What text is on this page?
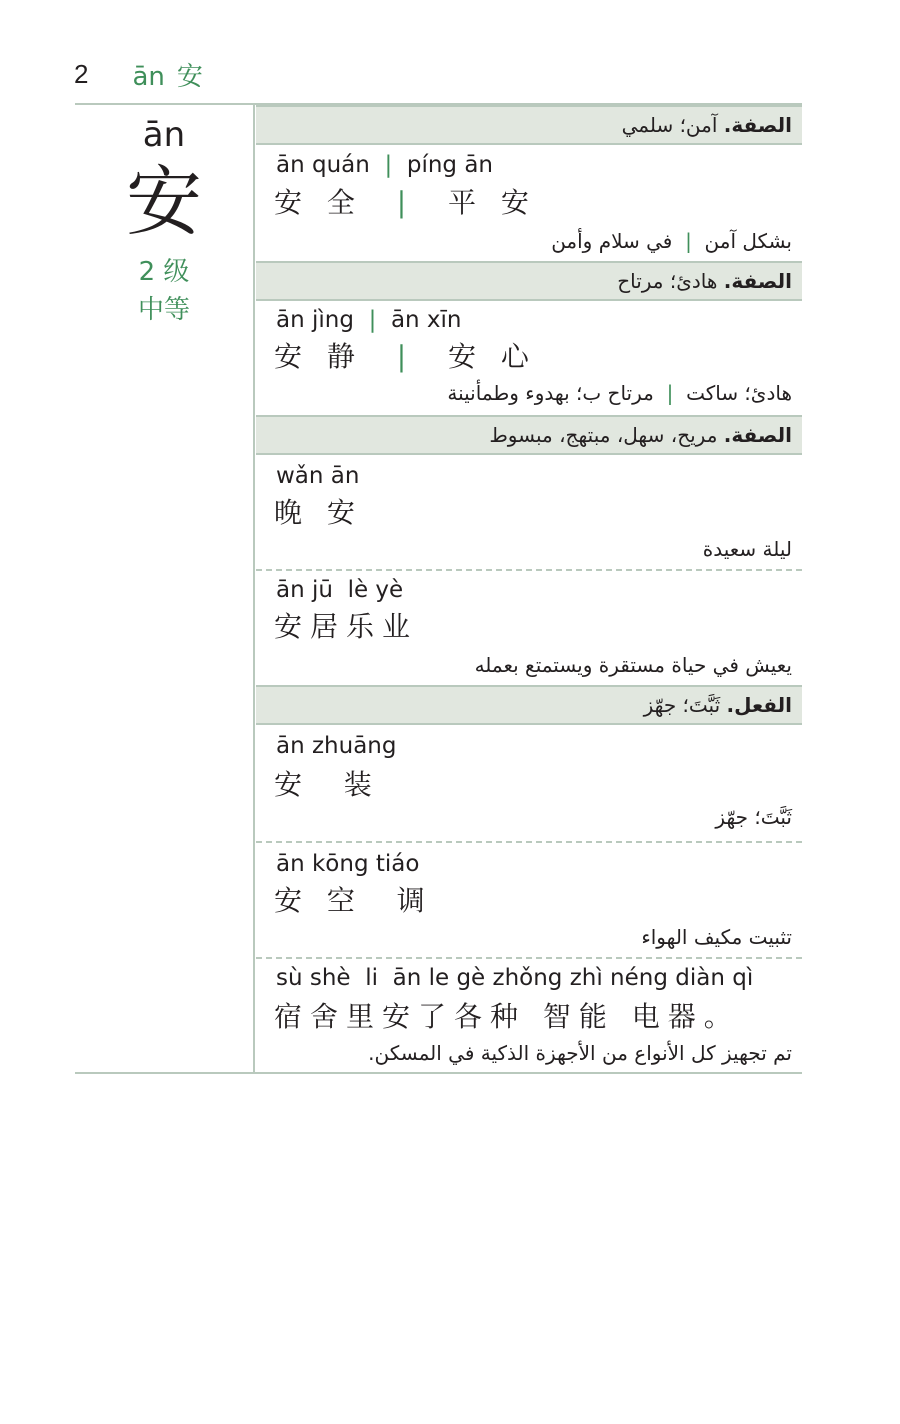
2 ān 安
ān
安
2 级
中等
الصفة. آمن؛ سلمي
ān quán | píng ān
安 全 | 平 安
بشكل آمن  |  في سلام وأمن
الصفة. هادئ؛ مرتاح
ān jìng | ān xīn
安 静 | 安 心
هادئ؛ ساكت  |  مرتاح ب؛ بهدوء وطمأنينة
الصفة. مريح، سهل، مبتهج، مبسوط
wǎn ān
晚 安
ليلة سعيدة
ān jū  lè yè
安居乐业
يعيش في حياة مستقرة ويستمتع بعمله
الفعل. ثَبَّتَ؛ جهّز
ān zhuāng
安  装
ثَبَّتَ؛ جهّز
ān kōng tiáo
安 空  调
تثبيت مكيف الهواء
sù shè  li  ān le gè zhǒng zhì néng diàn qì
宿舍里安了各种 智能 电器。
تم تجهيز كل الأنواع من الأجهزة الذكية في المسكن.
